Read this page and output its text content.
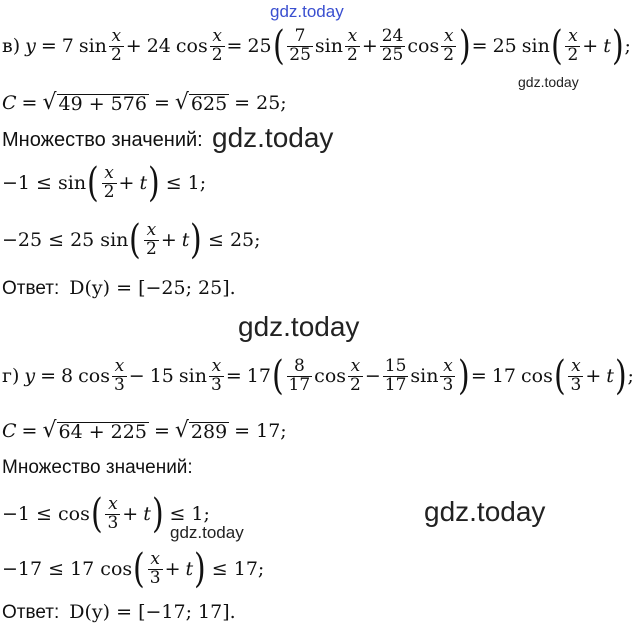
gdz.today
gdz.today
gdz.today
gdz.today
gdz.today
gdz.today
в) y = 7 $\sin \frac{x}{2} + 24$ $\cos \frac{x}{2} = 25$ ( $\frac{7}{25}$ $\sin \frac{x}{2} + \frac{24}{25}$ $\cos \frac{x}{2}$ ) = 25 sin ( $\frac{x}{2} + t$ ) ;
C = √ 49 + 576 = √ 625 = 25;
Множество значений:
−1 ≤ sin ( $\frac{x}{2} + t$ ) ≤ 1;
−25 ≤ 25 sin ( $\frac{x}{2} + t$ ) ≤ 25;
Ответ: D(y) = [−25; 25].
г) y = 8 $\cos \frac{x}{3} - 15$ $\sin \frac{x}{3} = 17$ ( $\frac{8}{17}$ $\cos \frac{x}{2} - \frac{15}{17}$ $\sin \frac{x}{3}$ ) = 17 cos ( $\frac{x}{3} + t$ ) ;
C = √ 64 + 225 = √ 289 = 17;
Множество значений:
−1 ≤ cos ( $\frac{x}{3} + t$ ) ≤ 1;
−17 ≤ 17 cos ( $\frac{x}{3} + t$ ) ≤ 17;
Ответ: D(y) = [−17; 17].
